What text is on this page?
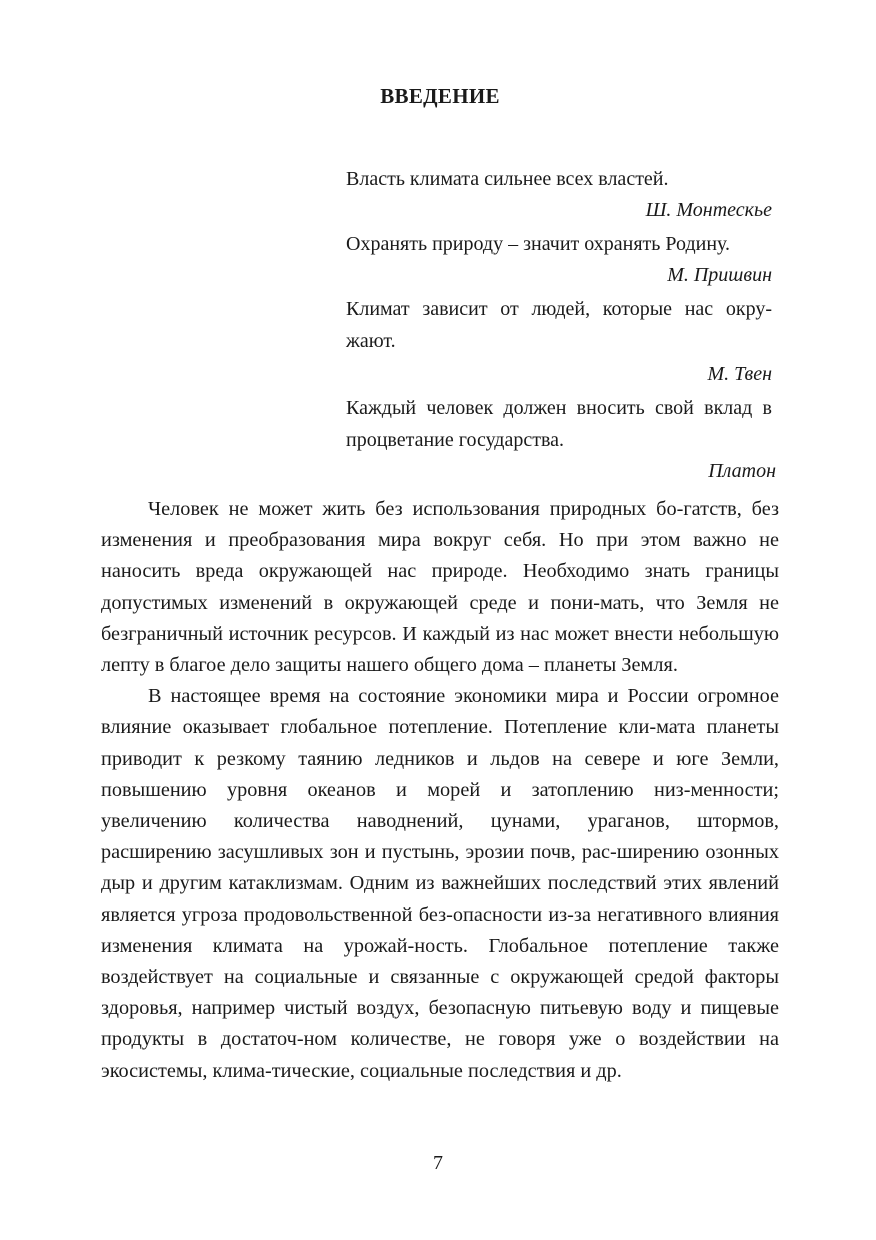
ВВЕДЕНИЕ
Власть климата сильнее всех властей.
Ш. Монтескье
Охранять природу – значит охранять Родину.
М. Пришвин
Климат зависит от людей, которые нас окру-жают.
М. Твен
Каждый человек должен вносить свой вклад в процветание государства.
Платон

Человек не может жить без использования природных бо-гатств, без изменения и преобразования мира вокруг себя. Но при этом важно не наносить вреда окружающей нас природе. Необходимо знать границы допустимых изменений в окружающей среде и пони-мать, что Земля не безграничный источник ресурсов. И каждый из нас может внести небольшую лепту в благое дело защиты нашего общего дома – планеты Земля.

В настоящее время на состояние экономики мира и России огромное влияние оказывает глобальное потепление. Потепление кли-мата планеты приводит к резкому таянию ледников и льдов на севере и юге Земли, повышению уровня океанов и морей и затоплению низ-менности; увеличению количества наводнений, цунами, ураганов, штормов, расширению засушливых зон и пустынь, эрозии почв, рас-ширению озонных дыр и другим катаклизмам. Одним из важнейших последствий этих явлений является угроза продовольственной без-опасности из-за негативного влияния изменения климата на урожай-ность. Глобальное потепление также воздействует на социальные и связанные с окружающей средой факторы здоровья, например чистый воздух, безопасную питьевую воду и пищевые продукты в достаточ-ном количестве, не говоря уже о воздействии на экосистемы, клима-тические, социальные последствия и др.

7
